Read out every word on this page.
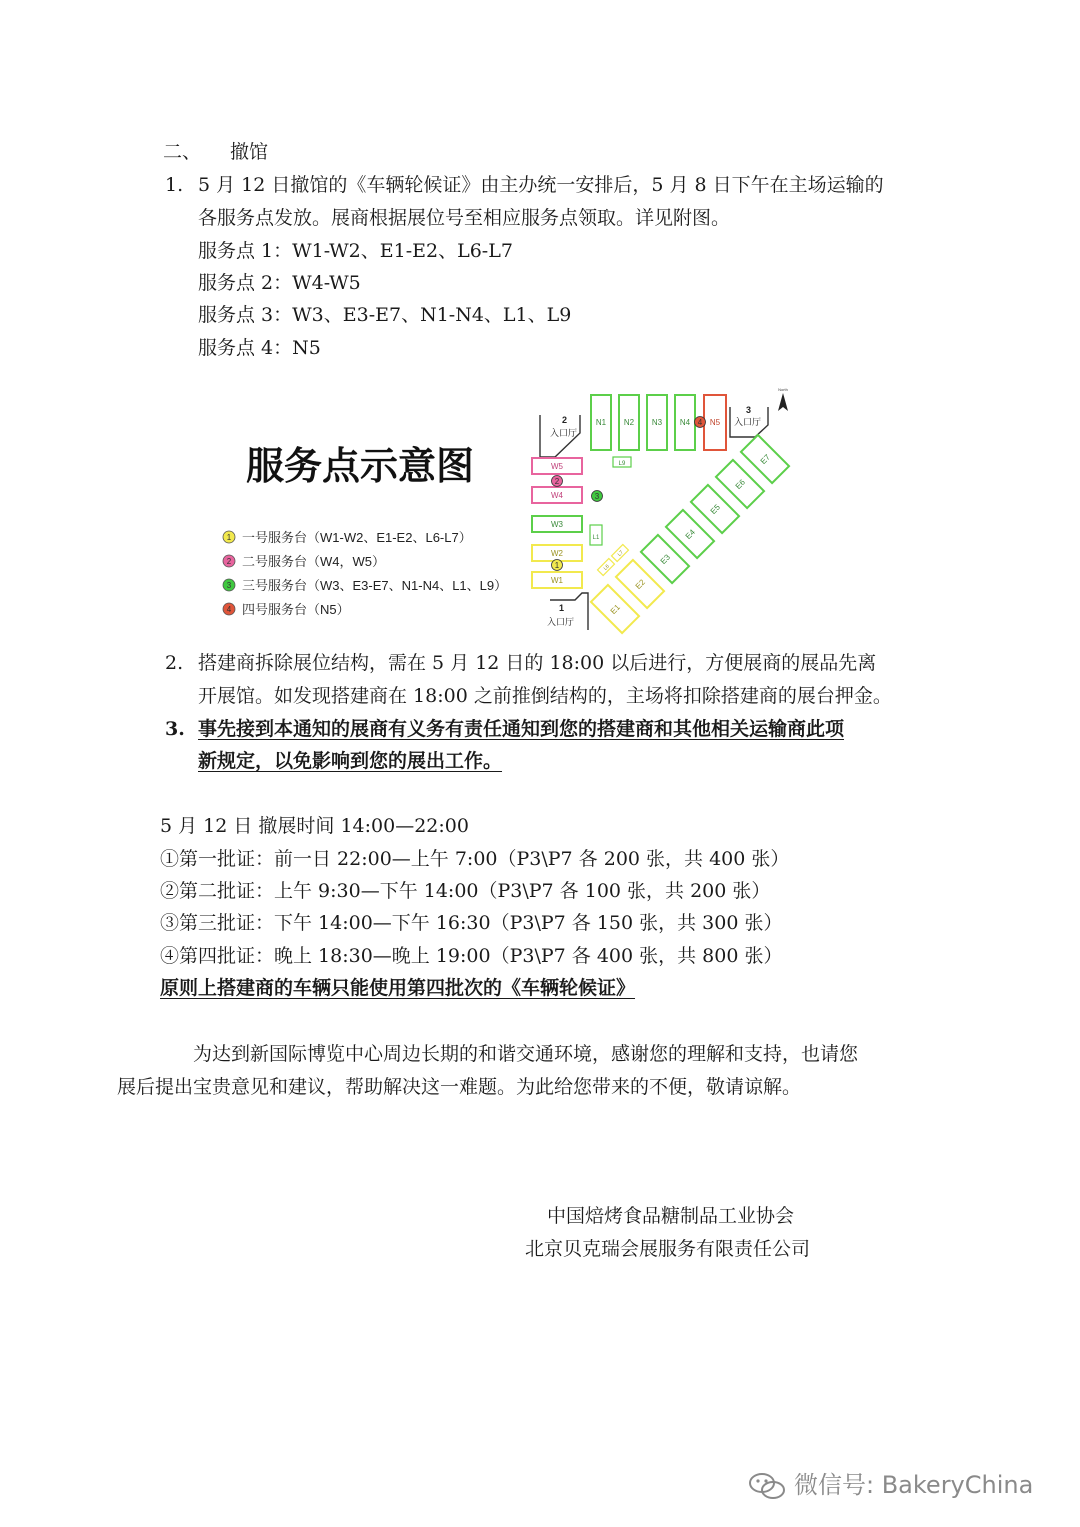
二、 撤馆
1. 5 月 12 日撤馆的《车辆轮候证》由主办统一安排后，5 月 8 日下午在主场运输的
各服务点发放。展商根据展位号至相应服务点领取。详见附图。
服务点 1：W1-W2、E1-E2、L6-L7
服务点 2：W4-W5
服务点 3：W3、E3-E7、N1-N4、L1、L9
服务点 4：N5
服务点示意图
1 一号服务台（W1-W2、E1-E2、L6-L7）
2 二号服务台（W4，W5）
3 三号服务台（W3、E3-E7、N1-N4、L1、L9）
4 四号服务台（N5）
N1 N2 N3 N4 N5
L9
2
入口厅
3
入口厅
North
W5
W4
W3
W2
W1
L1
1
入口厅
E1
E2
E3
E4
E5
E6
E7
L6
L7
1
2
3
4
2. 搭建商拆除展位结构，需在 5 月 12 日的 18:00 以后进行，方便展商的展品先离
开展馆。如发现搭建商在 18:00 之前推倒结构的，主场将扣除搭建商的展台押金。
3. 事先接到本通知的展商有义务有责任通知到您的搭建商和其他相关运输商此项
新规定，以免影响到您的展出工作。
5 月 12 日 撤展时间 14:00—22:00
①第一批证：前一日 22:00—上午 7:00（P3\P7 各 200 张，共 400 张）
②第二批证：上午 9:30—下午 14:00（P3\P7 各 100 张，共 200 张）
③第三批证：下午 14:00—下午 16:30（P3\P7 各 150 张，共 300 张）
④第四批证：晚上 18:30—晚上 19:00（P3\P7 各 400 张，共 800 张）
原则上搭建商的车辆只能使用第四批次的《车辆轮候证》
为达到新国际博览中心周边长期的和谐交通环境，感谢您的理解和支持，也请您
展后提出宝贵意见和建议，帮助解决这一难题。为此给您带来的不便，敬请谅解。
中国焙烤食品糖制品工业协会
北京贝克瑞会展服务有限责任公司
微信号: BakeryChina
